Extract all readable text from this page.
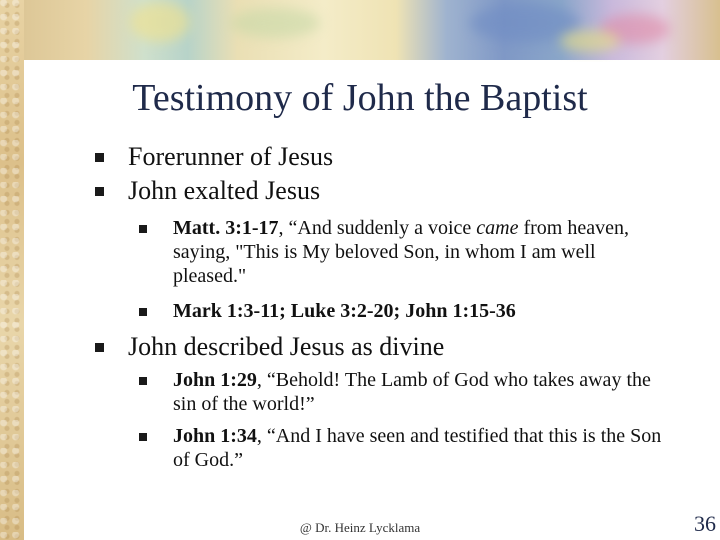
Testimony of John the Baptist
Forerunner of Jesus
John exalted Jesus
Matt. 3:1-17, “And suddenly a voice came from heaven, saying, "This is My beloved Son, in whom I am well pleased."
Mark 1:3-11; Luke 3:2-20; John 1:15-36
John described Jesus as divine
John 1:29, “Behold! The Lamb of God who takes away the sin of the world!”
John 1:34, “And I have seen and testified that this is the Son of God.”
@ Dr. Heinz Lycklama	36
